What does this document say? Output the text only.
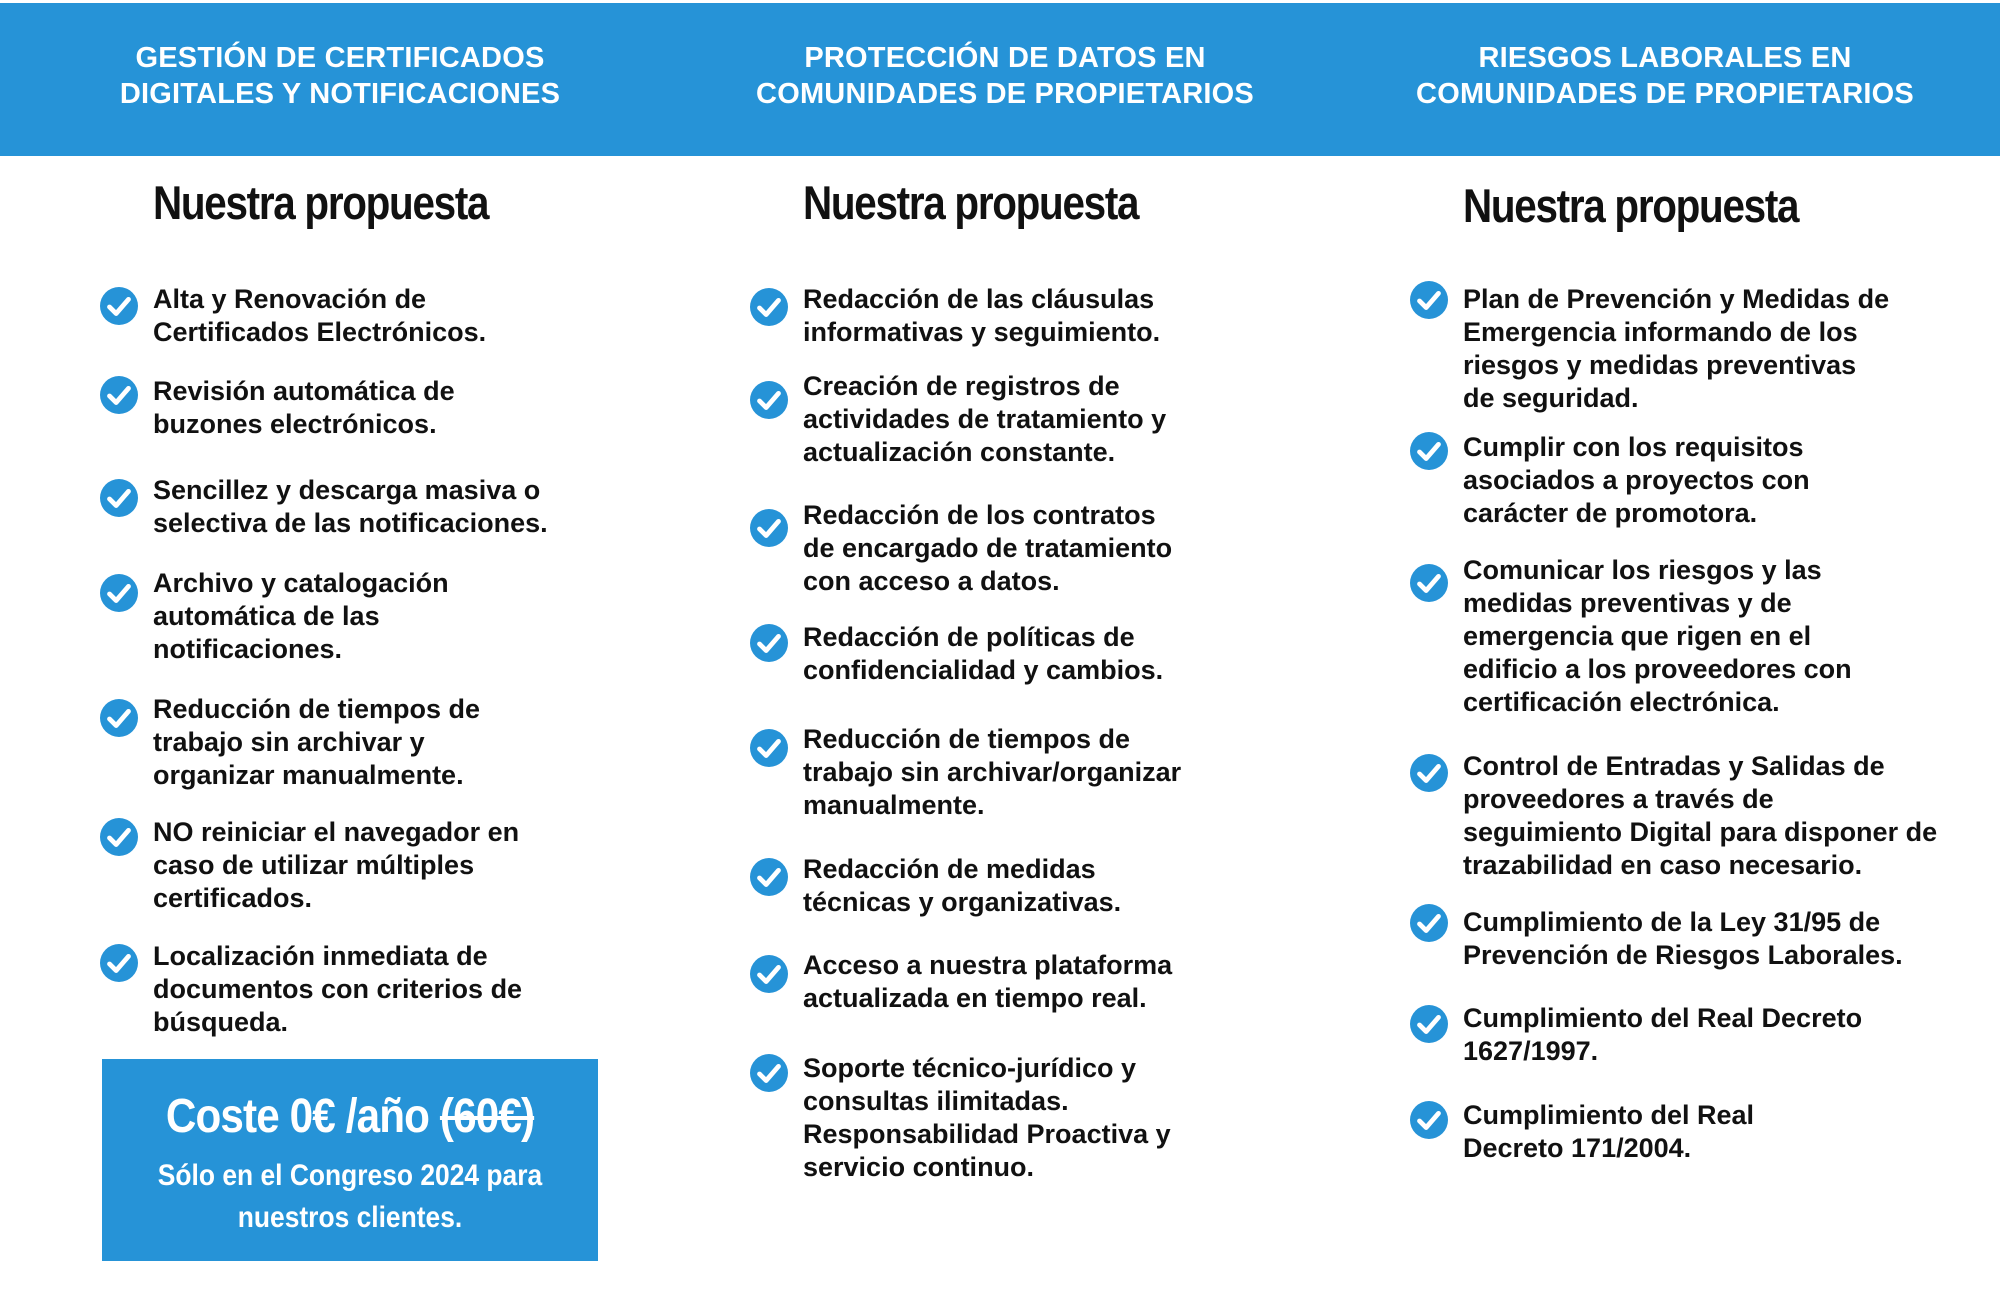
GESTIÓN DE CERTIFICADOS
DIGITALES Y NOTIFICACIONES
PROTECCIÓN DE DATOS EN
COMUNIDADES DE PROPIETARIOS
RIESGOS LABORALES EN
COMUNIDADES DE PROPIETARIOS
Nuestra propuesta	Nuestra propuesta	Nuestra propuesta
Alta y Renovación de
Certificados Electrónicos.
Revisión automática de
buzones electrónicos.
Sencillez y descarga masiva o
selectiva de las notificaciones.
Archivo y catalogación
automática de las
notificaciones.
Reducción de tiempos de
trabajo sin archivar y
organizar manualmente.
NO reiniciar el navegador en
caso de utilizar múltiples
certificados.
Localización inmediata de
documentos con criterios de
búsqueda.
Coste 0€ /año (60€)
Sólo en el Congreso 2024 para
nuestros clientes.
Redacción de las cláusulas
informativas y seguimiento.
Creación de registros de
actividades de tratamiento y
actualización constante.
Redacción de los contratos
de encargado de tratamiento
con acceso a datos.
Redacción de políticas de
confidencialidad y cambios.
Reducción de tiempos de
trabajo sin archivar/organizar
manualmente.
Redacción de medidas
técnicas y organizativas.
Acceso a nuestra plataforma
actualizada en tiempo real.
Soporte técnico-jurídico y
consultas ilimitadas.
Responsabilidad Proactiva y
servicio continuo.
Plan de Prevención y Medidas de
Emergencia informando de los
riesgos y medidas preventivas
de seguridad.
Cumplir con los requisitos
asociados a proyectos con
carácter de promotora.
Comunicar los riesgos y las
medidas preventivas y de
emergencia que rigen en el
edificio a los proveedores con
certificación electrónica.
Control de Entradas y Salidas de
proveedores a través de
seguimiento Digital para disponer de
trazabilidad en caso necesario.
Cumplimiento de la Ley 31/95 de
Prevención de Riesgos Laborales.
Cumplimiento del Real Decreto
1627/1997.
Cumplimiento del Real
Decreto 171/2004.
